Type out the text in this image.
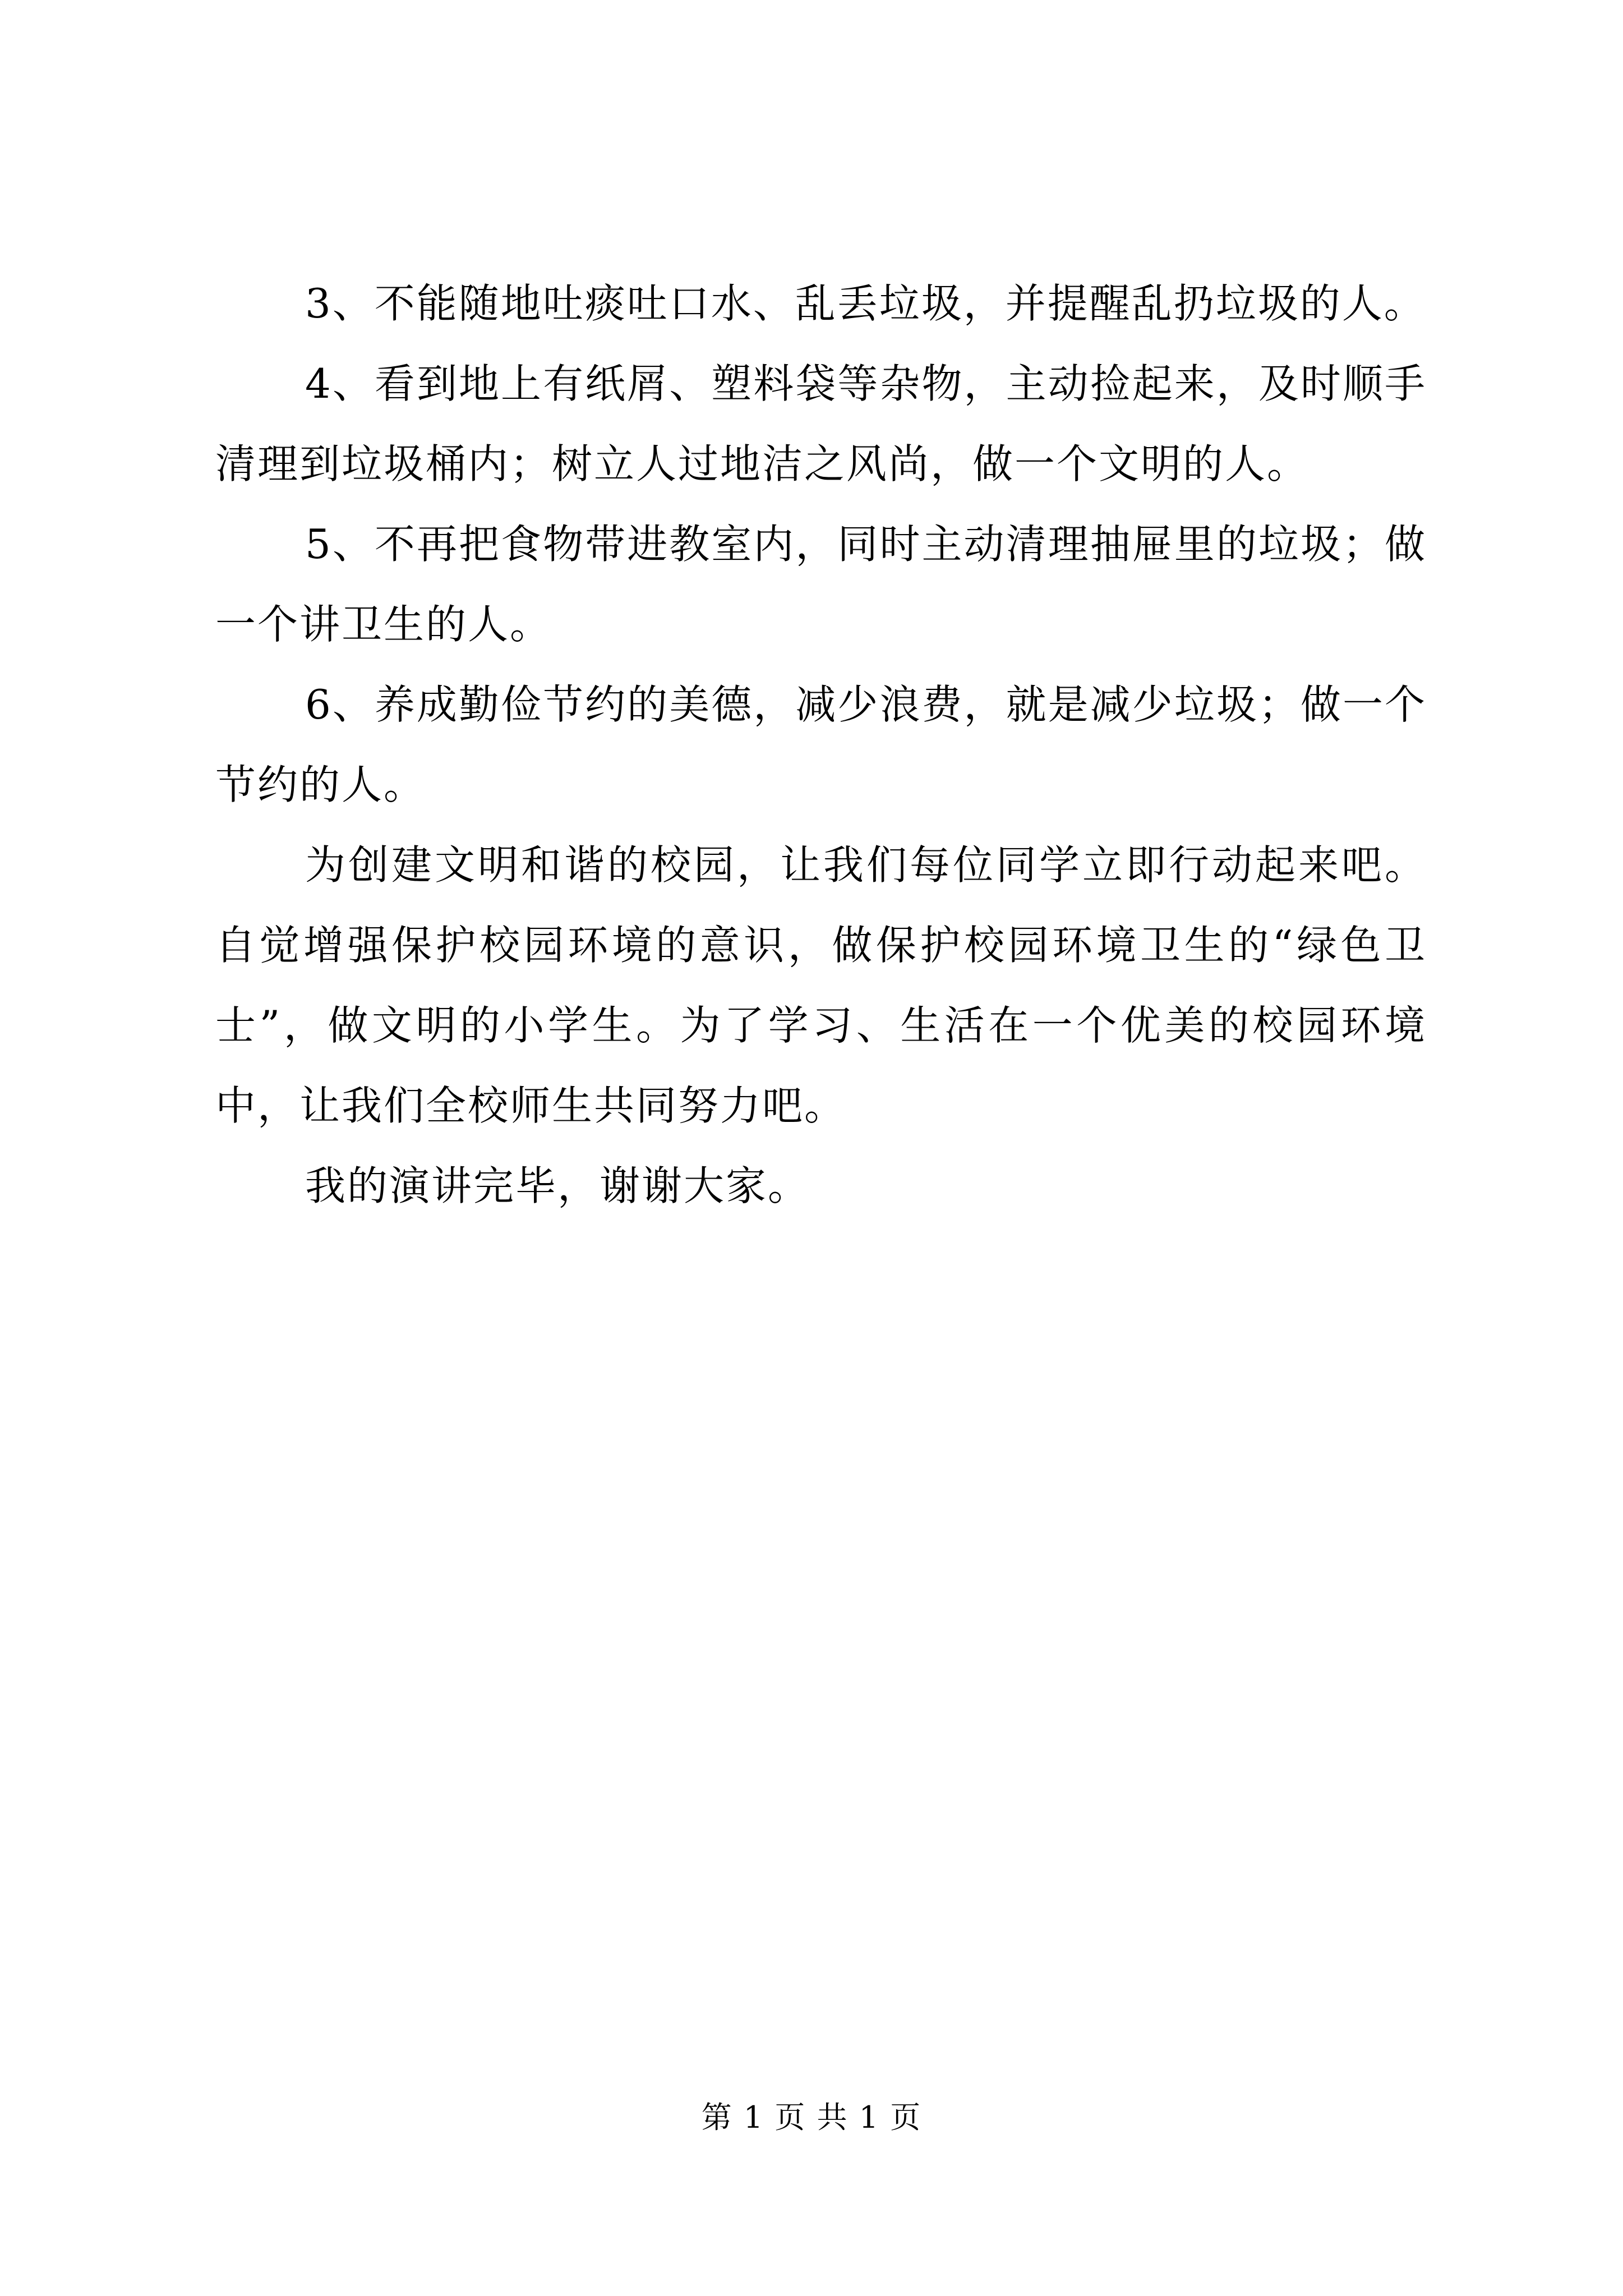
3、不能随地吐痰吐口水、乱丢垃圾，并提醒乱扔垃圾的人。

4、看到地上有纸屑、塑料袋等杂物，主动捡起来，及时顺手清理到垃圾桶内；树立人过地洁之风尚，做一个文明的人。

5、不再把食物带进教室内，同时主动清理抽屉里的垃圾；做一个讲卫生的人。

6、养成勤俭节约的美德，减少浪费，就是减少垃圾；做一个节约的人。

为创建文明和谐的校园，让我们每位同学立即行动起来吧。自觉增强保护校园环境的意识，做保护校园环境卫生的“绿色卫士”，做文明的小学生。为了学习、生活在一个优美的校园环境中，让我们全校师生共同努力吧。

我的演讲完毕，谢谢大家。

第 1 页 共 1 页
